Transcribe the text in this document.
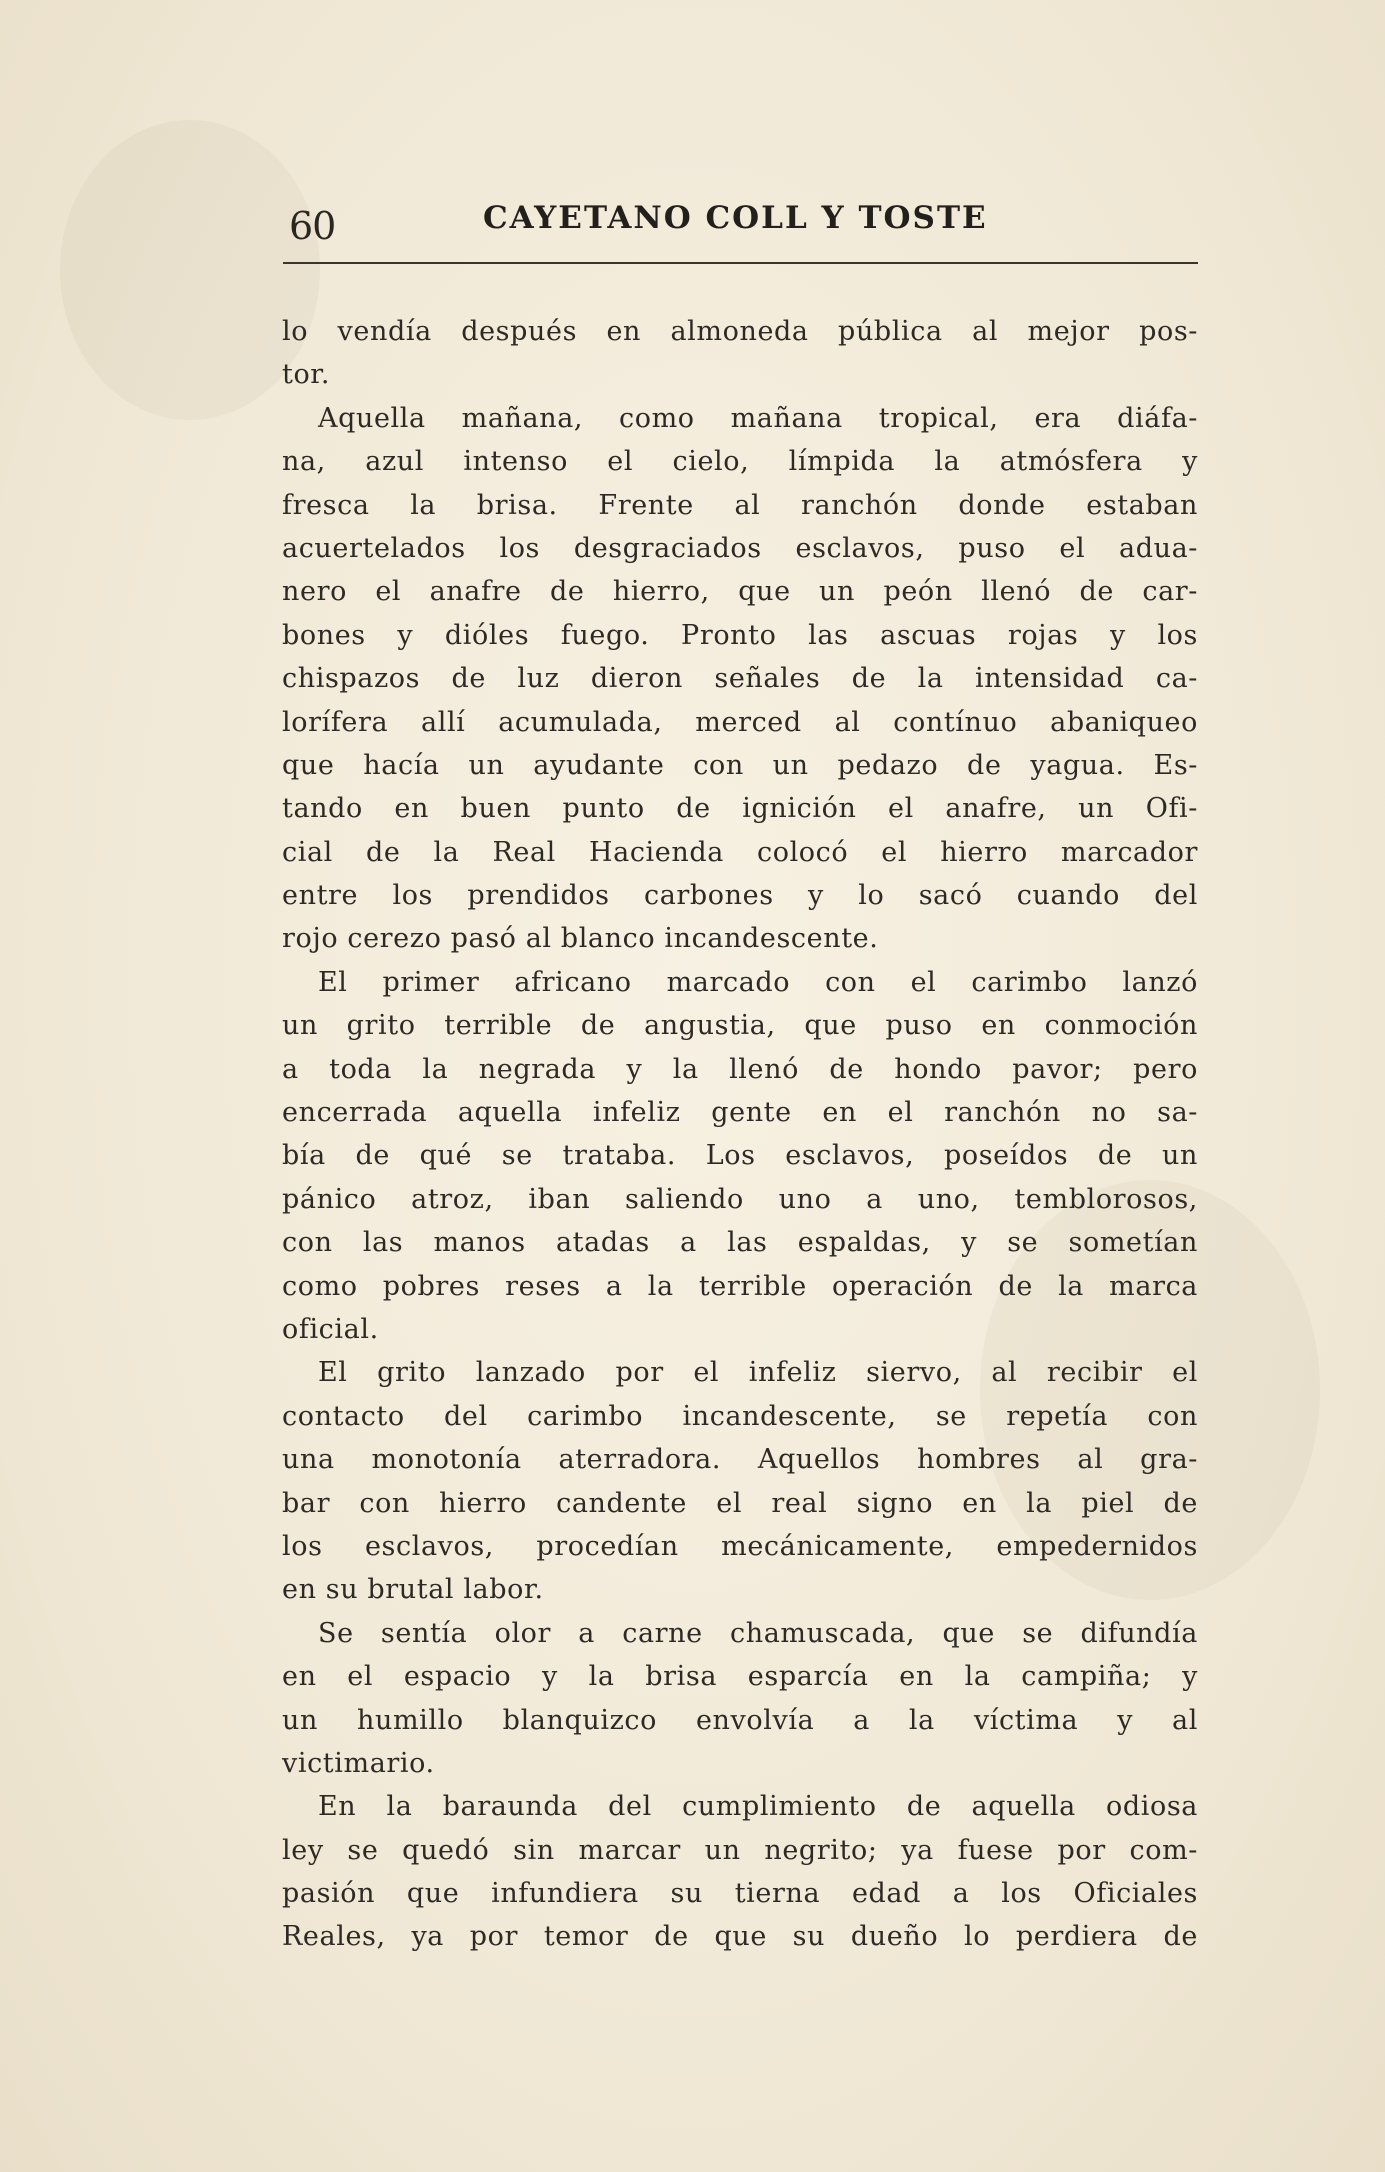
60	CAYETANO COLL Y TOSTE
lo vendía después en almoneda pública al mejor pos-
tor.
Aquella mañana, como mañana tropical, era diáfa-
na, azul intenso el cielo, límpida la atmósfera y
fresca la brisa. Frente al ranchón donde estaban
acuertelados los desgraciados esclavos, puso el adua-
nero el anafre de hierro, que un peón llenó de car-
bones y dióles fuego. Pronto las ascuas rojas y los
chispazos de luz dieron señales de la intensidad ca-
lorífera allí acumulada, merced al contínuo abaniqueo
que hacía un ayudante con un pedazo de yagua. Es-
tando en buen punto de ignición el anafre, un Ofi-
cial de la Real Hacienda colocó el hierro marcador
entre los prendidos carbones y lo sacó cuando del
rojo cerezo pasó al blanco incandescente.
El primer africano marcado con el carimbo lanzó
un grito terrible de angustia, que puso en conmoción
a toda la negrada y la llenó de hondo pavor; pero
encerrada aquella infeliz gente en el ranchón no sa-
bía de qué se trataba. Los esclavos, poseídos de un
pánico atroz, iban saliendo uno a uno, temblorosos,
con las manos atadas a las espaldas, y se sometían
como pobres reses a la terrible operación de la marca
oficial.
El grito lanzado por el infeliz siervo, al recibir el
contacto del carimbo incandescente, se repetía con
una monotonía aterradora. Aquellos hombres al gra-
bar con hierro candente el real signo en la piel de
los esclavos, procedían mecánicamente, empedernidos
en su brutal labor.
Se sentía olor a carne chamuscada, que se difundía
en el espacio y la brisa esparcía en la campiña; y
un humillo blanquizco envolvía a la víctima y al
victimario.
En la baraunda del cumplimiento de aquella odiosa
ley se quedó sin marcar un negrito; ya fuese por com-
pasión que infundiera su tierna edad a los Oficiales
Reales, ya por temor de que su dueño lo perdiera de
